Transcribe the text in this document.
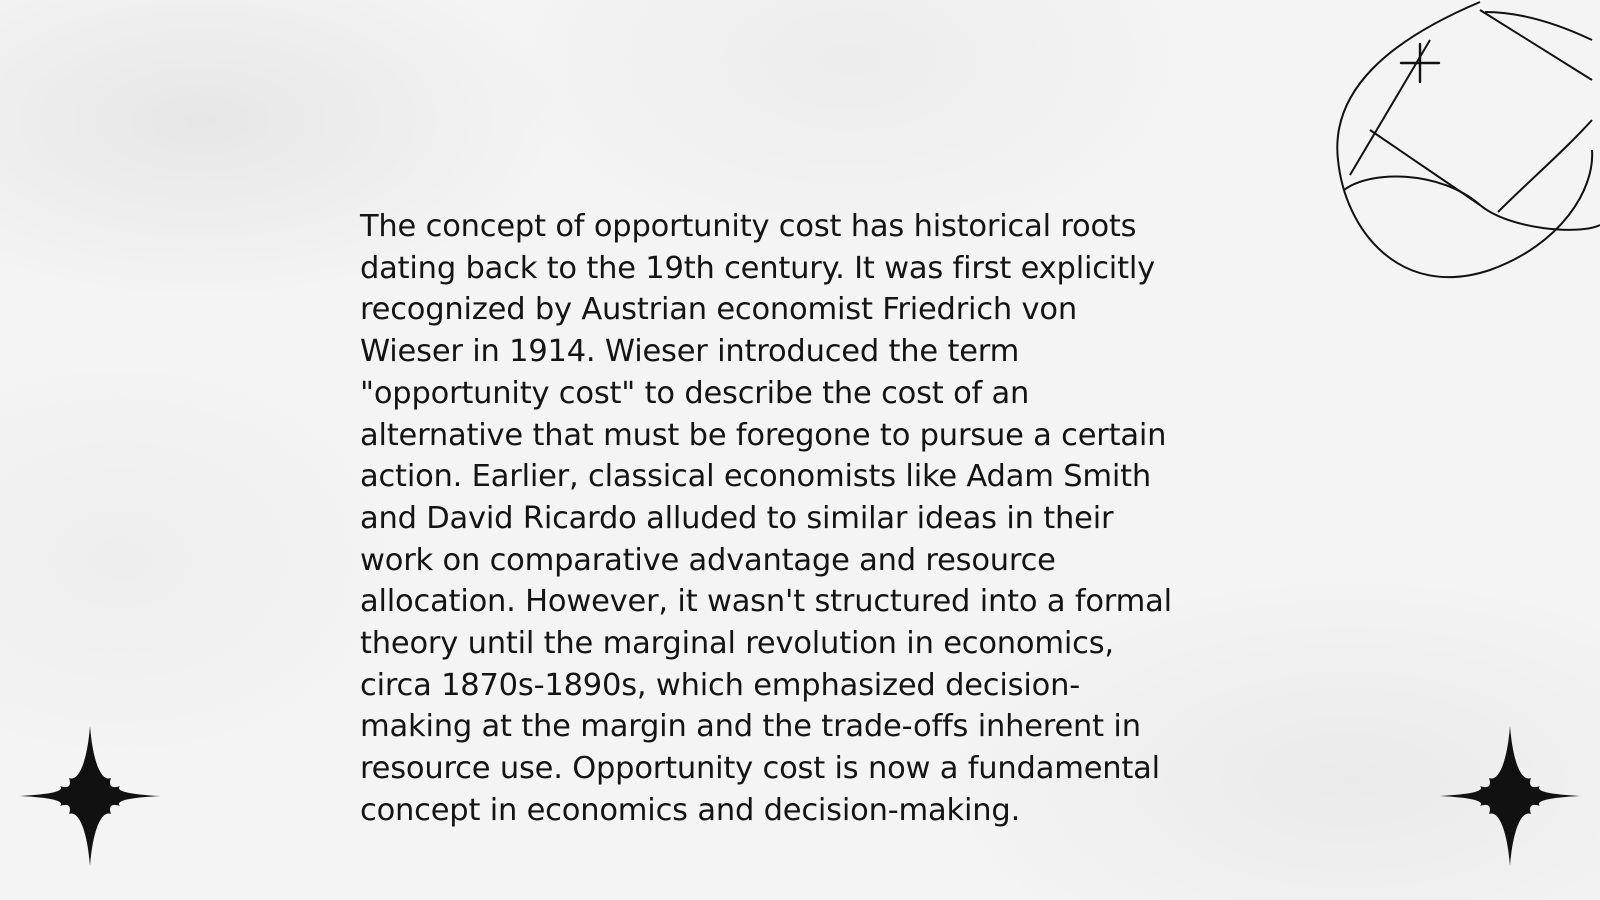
The concept of opportunity cost has historical roots
dating back to the 19th century. It was first explicitly
recognized by Austrian economist Friedrich von
Wieser in 1914. Wieser introduced the term
"opportunity cost" to describe the cost of an
alternative that must be foregone to pursue a certain
action. Earlier, classical economists like Adam Smith
and David Ricardo alluded to similar ideas in their
work on comparative advantage and resource
allocation. However, it wasn't structured into a formal
theory until the marginal revolution in economics,
circa 1870s-1890s, which emphasized decision-
making at the margin and the trade-offs inherent in
resource use. Opportunity cost is now a fundamental
concept in economics and decision-making.
